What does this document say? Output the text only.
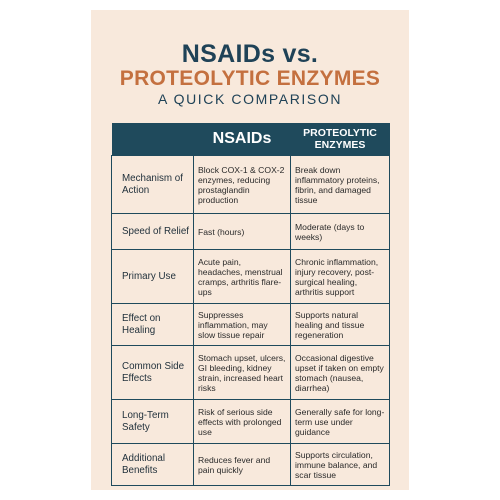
NSAIDs vs.
PROTEOLYTIC ENZYMES
A QUICK COMPARISON
	NSAIDs	PROTEOLYTIC ENZYMES
Mechanism of Action	Block COX-1 & COX-2 enzymes, reducing prostaglandin production	Break down inflammatory proteins, fibrin, and damaged tissue
Speed of Relief	Fast (hours)	Moderate (days to weeks)
Primary Use	Acute pain, headaches, menstrual cramps, arthritis flare-ups	Chronic inflammation, injury recovery, post-surgical healing, arthritis support
Effect on Healing	Suppresses inflammation, may slow tissue repair	Supports natural healing and tissue regeneration
Common Side Effects	Stomach upset, ulcers, GI bleeding, kidney strain, increased heart risks	Occasional digestive upset if taken on empty stomach (nausea, diarrhea)
Long-Term Safety	Risk of serious side effects with prolonged use	Generally safe for long-term use under guidance
Additional Benefits	Reduces fever and pain quickly	Supports circulation, immune balance, and scar tissue
